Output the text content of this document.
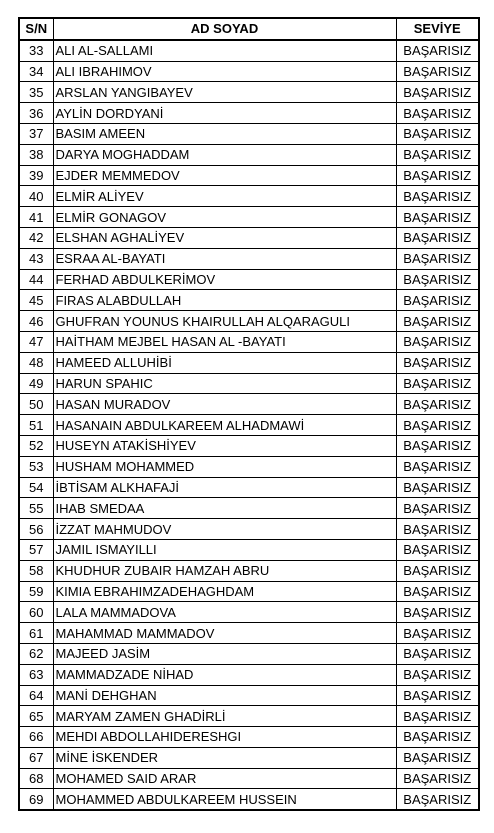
S/N	AD SOYAD	SEVİYE
33	ALI AL-SALLAMI	BAŞARISIZ
34	ALI IBRAHIMOV	BAŞARISIZ
35	ARSLAN YANGIBAYEV	BAŞARISIZ
36	AYLİN DORDYANİ	BAŞARISIZ
37	BASIM AMEEN	BAŞARISIZ
38	DARYA MOGHADDAM	BAŞARISIZ
39	EJDER MEMMEDOV	BAŞARISIZ
40	ELMİR ALİYEV	BAŞARISIZ
41	ELMİR GONAGOV	BAŞARISIZ
42	ELSHAN AGHALİYEV	BAŞARISIZ
43	ESRAA AL-BAYATI	BAŞARISIZ
44	FERHAD ABDULKERİMOV	BAŞARISIZ
45	FIRAS ALABDULLAH	BAŞARISIZ
46	GHUFRAN YOUNUS KHAIRULLAH ALQARAGULI	BAŞARISIZ
47	HAİTHAM MEJBEL HASAN AL -BAYATI	BAŞARISIZ
48	HAMEED ALLUHİBİ	BAŞARISIZ
49	HARUN SPAHIC	BAŞARISIZ
50	HASAN MURADOV	BAŞARISIZ
51	HASANAIN ABDULKAREEM ALHADMAWİ	BAŞARISIZ
52	HUSEYN ATAKİSHİYEV	BAŞARISIZ
53	HUSHAM MOHAMMED	BAŞARISIZ
54	İBTİSAM ALKHAFAJİ	BAŞARISIZ
55	IHAB SMEDAA	BAŞARISIZ
56	İZZAT MAHMUDOV	BAŞARISIZ
57	JAMIL ISMAYILLI	BAŞARISIZ
58	KHUDHUR ZUBAIR HAMZAH ABRU	BAŞARISIZ
59	KIMIA EBRAHIMZADEHAGHDAM	BAŞARISIZ
60	LALA MAMMADOVA	BAŞARISIZ
61	MAHAMMAD MAMMADOV	BAŞARISIZ
62	MAJEED JASİM	BAŞARISIZ
63	MAMMADZADE NİHAD	BAŞARISIZ
64	MANİ DEHGHAN	BAŞARISIZ
65	MARYAM ZAMEN GHADİRLİ	BAŞARISIZ
66	MEHDI ABDOLLAHIDERESHGI	BAŞARISIZ
67	MİNE İSKENDER	BAŞARISIZ
68	MOHAMED SAID ARAR	BAŞARISIZ
69	MOHAMMED ABDULKAREEM HUSSEIN	BAŞARISIZ
